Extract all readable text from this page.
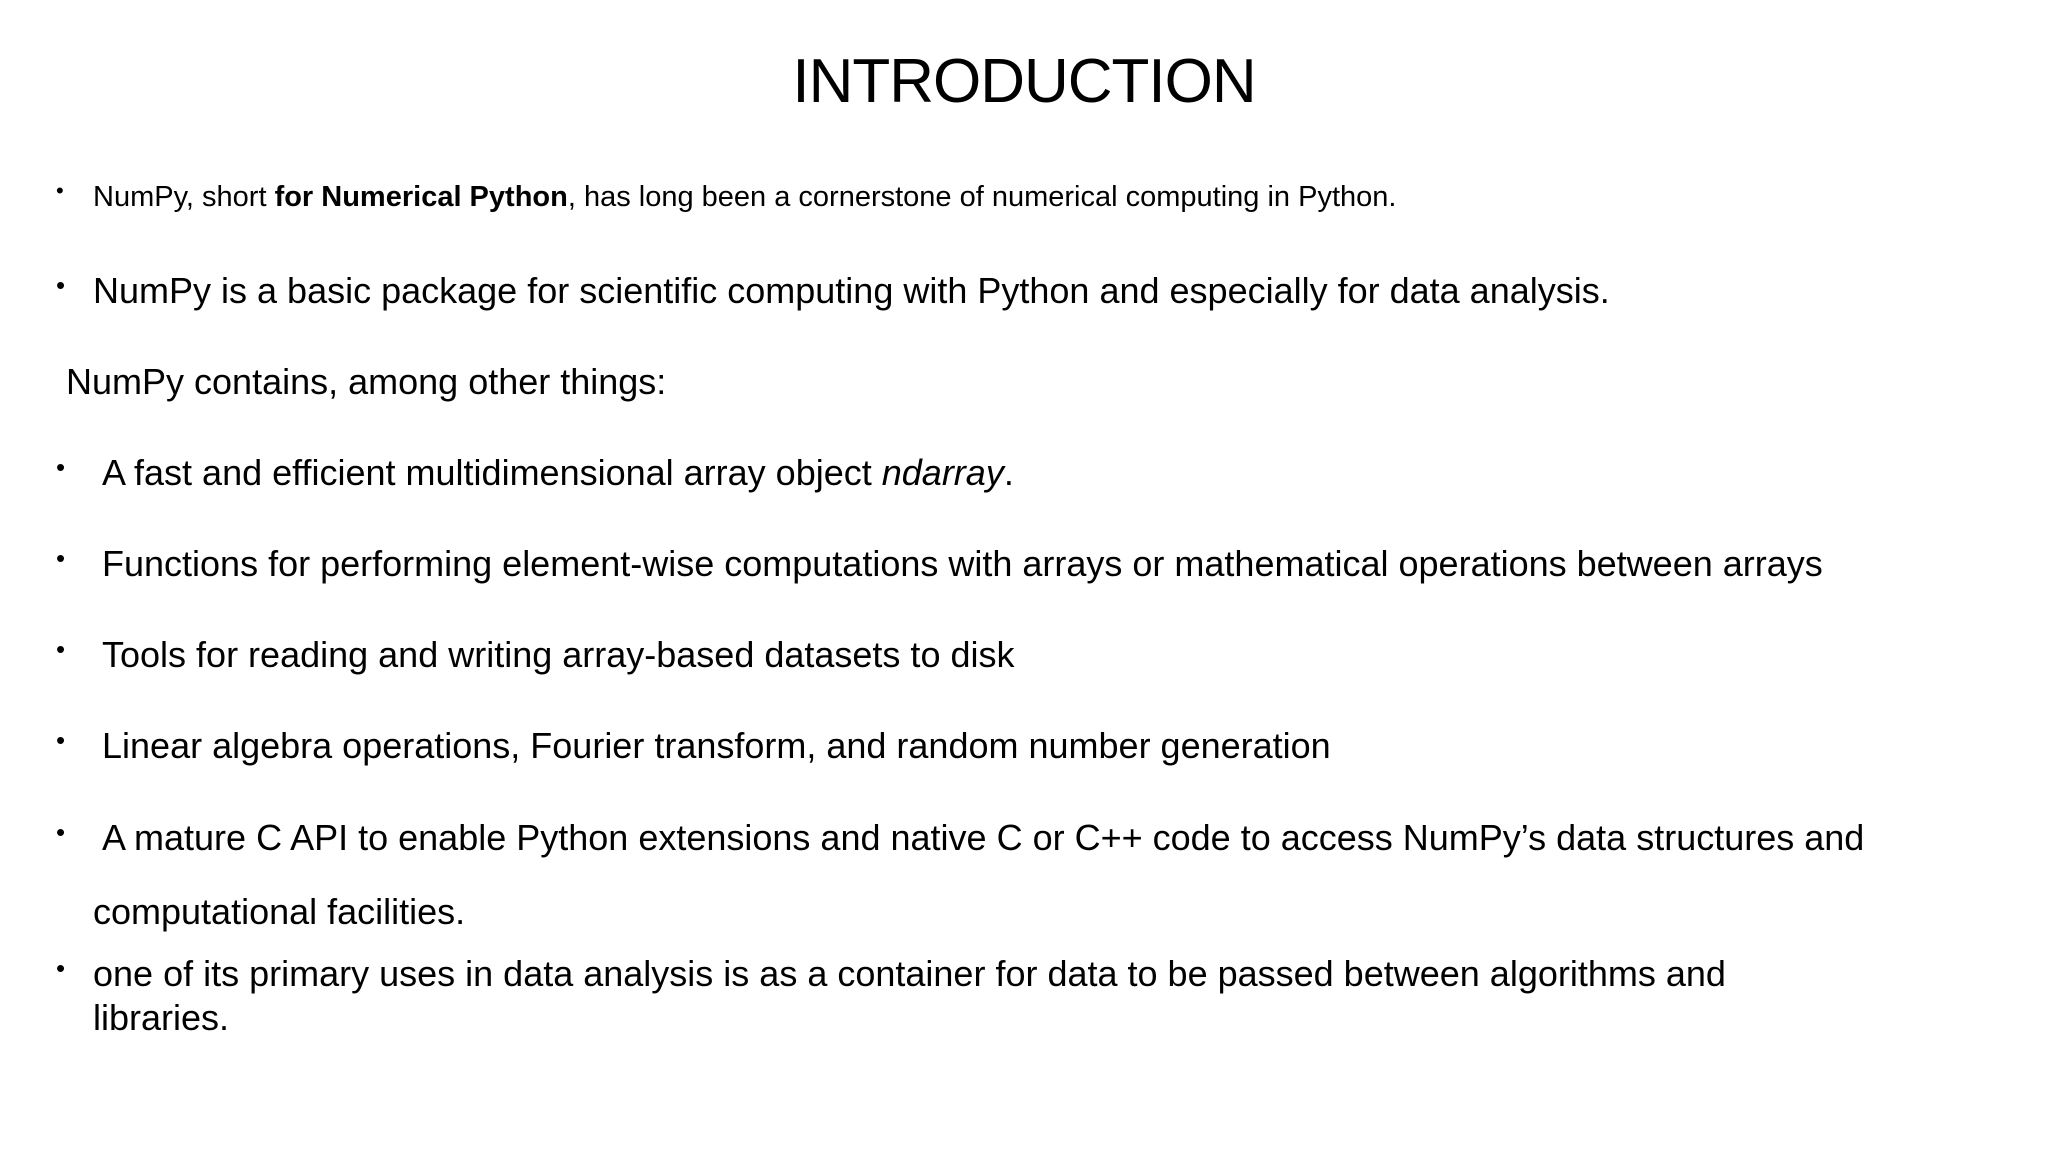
INTRODUCTION
• NumPy, short for Numerical Python, has long been a cornerstone of numerical computing in Python.
• NumPy is a basic package for scientific computing with Python and especially for data analysis.
NumPy contains, among other things:
• A fast and efficient multidimensional array object ndarray.
• Functions for performing element-wise computations with arrays or mathematical operations between arrays
• Tools for reading and writing array-based datasets to disk
• Linear algebra operations, Fourier transform, and random number generation
• A mature C API to enable Python extensions and native C or C++ code to access NumPy’s data structures and
computational facilities.
• one of its primary uses in data analysis is as a container for data to be passed between algorithms and
libraries.
